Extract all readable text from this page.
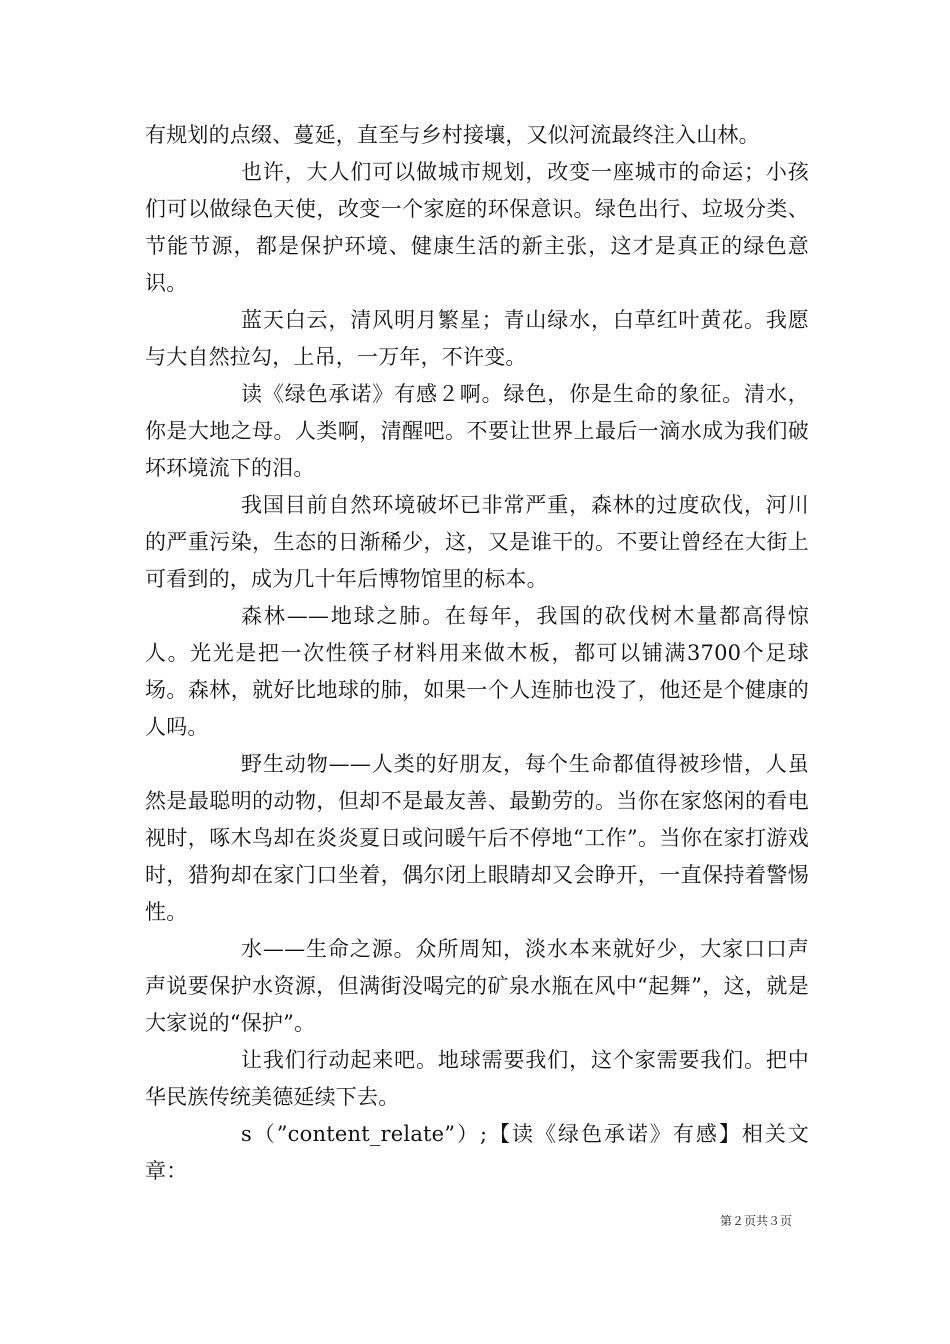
有规划的点缀、蔓延，直至与乡村接壤，又似河流最终注入山林。

也许，大人们可以做城市规划，改变一座城市的命运；小孩们可以做绿色天使，改变一个家庭的环保意识。绿色出行、垃圾分类、节能节源，都是保护环境、健康生活的新主张，这才是真正的绿色意识。

蓝天白云，清风明月繁星；青山绿水，白草红叶黄花。我愿与大自然拉勾，上吊，一万年，不许变。

读《绿色承诺》有感２啊。绿色，你是生命的象征。清水，你是大地之母。人类啊，清醒吧。不要让世界上最后一滴水成为我们破坏环境流下的泪。

我国目前自然环境破坏已非常严重，森林的过度砍伐，河川的严重污染，生态的日渐稀少，这，又是谁干的。不要让曾经在大街上可看到的，成为几十年后博物馆里的标本。

森林——地球之肺。在每年，我国的砍伐树木量都高得惊人。光光是把一次性筷子材料用来做木板，都可以铺满3700个足球场。森林，就好比地球的肺，如果一个人连肺也没了，他还是个健康的人吗。

野生动物——人类的好朋友，每个生命都值得被珍惜，人虽然是最聪明的动物，但却不是最友善、最勤劳的。当你在家悠闲的看电视时，啄木鸟却在炎炎夏日或问暖午后不停地“工作”。当你在家打游戏时，猎狗却在家门口坐着，偶尔闭上眼睛却又会睁开，一直保持着警惕性。

水——生命之源。众所周知，淡水本来就好少，大家口口声声说要保护水资源，但满街没喝完的矿泉水瓶在风中“起舞”，这，就是大家说的“保护”。

让我们行动起来吧。地球需要我们，这个家需要我们。把中华民族传统美德延续下去。

s（”content_relate”）;【读《绿色承诺》有感】相关文章：

第２页共３页
